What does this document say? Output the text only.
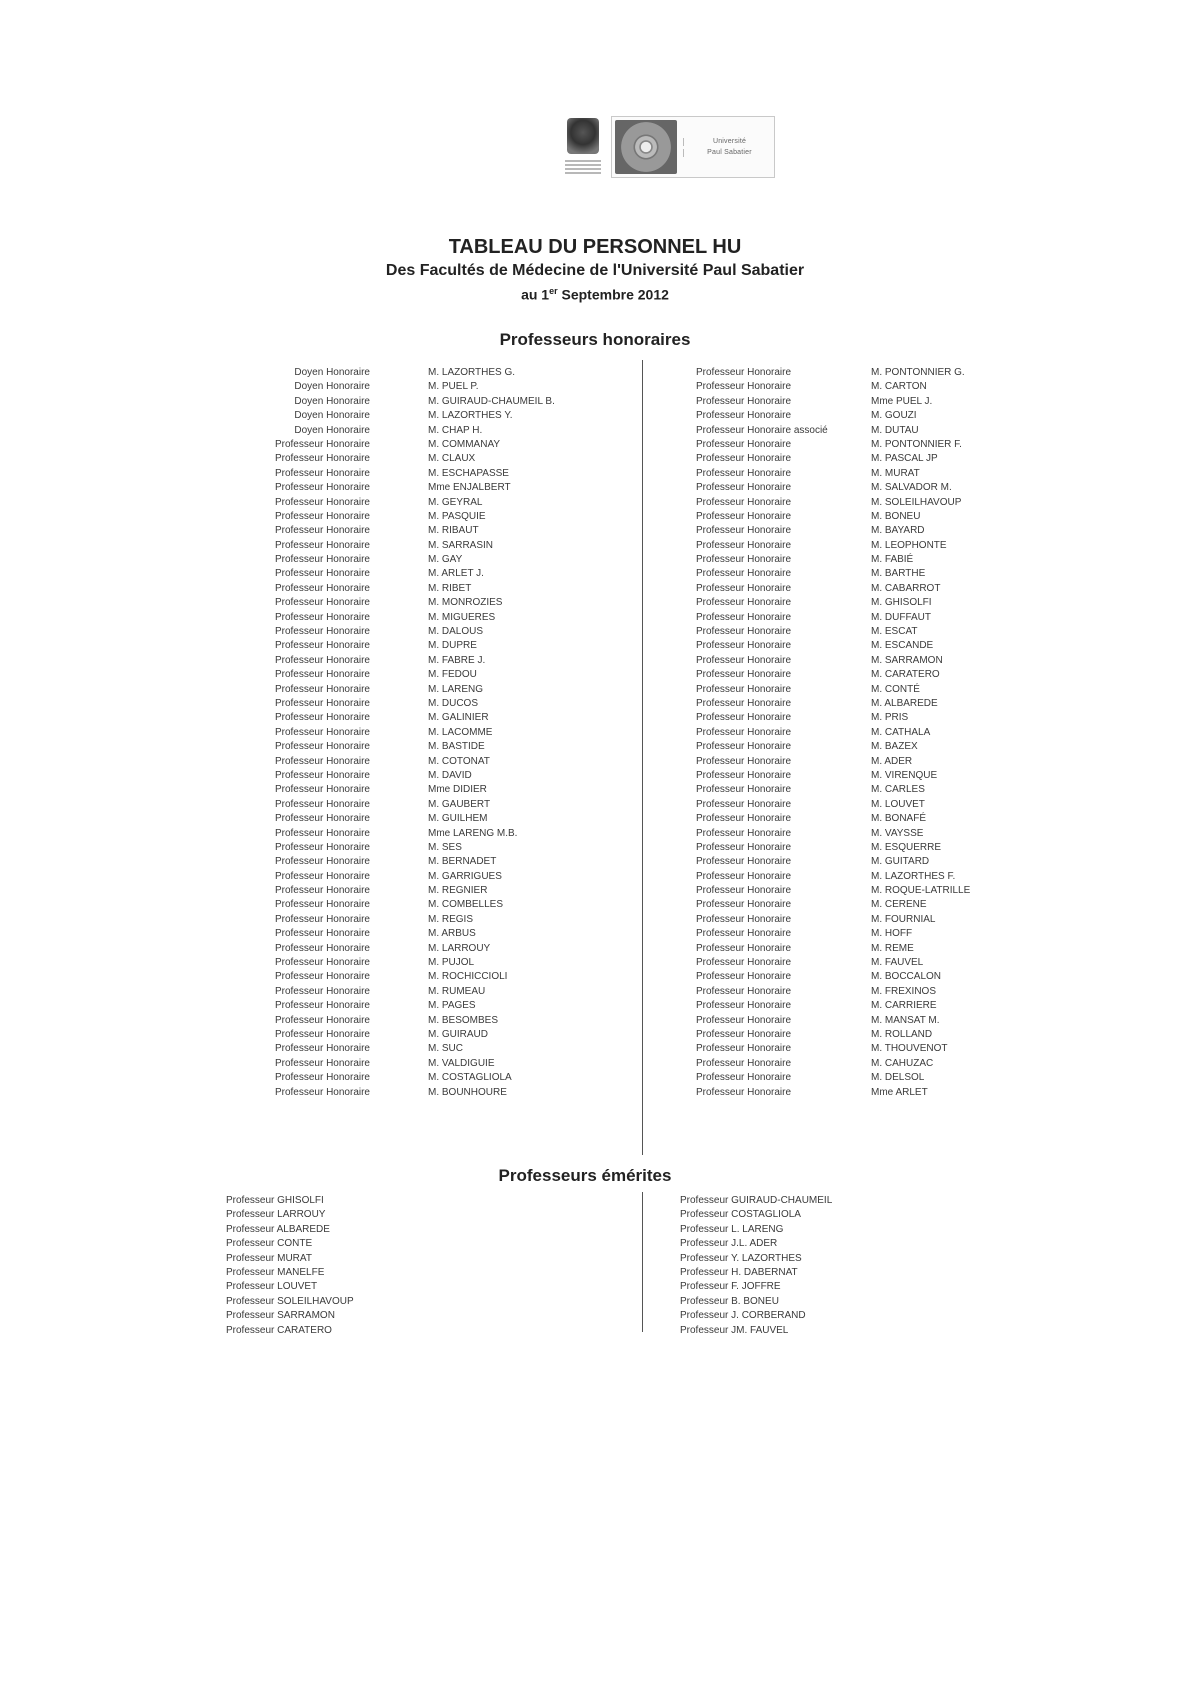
Université
Paul Sabatier
TABLEAU DU PERSONNEL HU
Des Facultés de Médecine de l'Université Paul Sabatier
au 1er Septembre 2012
Professeurs honoraires
Doyen Honoraire
Doyen Honoraire
Doyen Honoraire
Doyen Honoraire
Doyen Honoraire
Professeur Honoraire
Professeur Honoraire
Professeur Honoraire
Professeur Honoraire
Professeur Honoraire
Professeur Honoraire
Professeur Honoraire
Professeur Honoraire
Professeur Honoraire
Professeur Honoraire
Professeur Honoraire
Professeur Honoraire
Professeur Honoraire
Professeur Honoraire
Professeur Honoraire
Professeur Honoraire
Professeur Honoraire
Professeur Honoraire
Professeur Honoraire
Professeur Honoraire
Professeur Honoraire
Professeur Honoraire
Professeur Honoraire
Professeur Honoraire
Professeur Honoraire
Professeur Honoraire
Professeur Honoraire
Professeur Honoraire
Professeur Honoraire
Professeur Honoraire
Professeur Honoraire
Professeur Honoraire
Professeur Honoraire
Professeur Honoraire
Professeur Honoraire
Professeur Honoraire
Professeur Honoraire
Professeur Honoraire
Professeur Honoraire
Professeur Honoraire
Professeur Honoraire
Professeur Honoraire
Professeur Honoraire
Professeur Honoraire
Professeur Honoraire
Professeur Honoraire
M. LAZORTHES G.
M. PUEL P.
M. GUIRAUD-CHAUMEIL B.
M. LAZORTHES Y.
M. CHAP H.
M. COMMANAY
M. CLAUX
M. ESCHAPASSE
Mme ENJALBERT
M. GEYRAL
M. PASQUIE
M. RIBAUT
M. SARRASIN
M. GAY
M. ARLET J.
M. RIBET
M. MONROZIES
M. MIGUERES
M. DALOUS
M. DUPRE
M. FABRE J.
M. FEDOU
M. LARENG
M. DUCOS
M. GALINIER
M. LACOMME
M. BASTIDE
M. COTONAT
M. DAVID
Mme DIDIER
M. GAUBERT
M. GUILHEM
Mme LARENG M.B.
M. SES
M. BERNADET
M. GARRIGUES
M. REGNIER
M. COMBELLES
M. REGIS
M. ARBUS
M. LARROUY
M. PUJOL
M. ROCHICCIOLI
M. RUMEAU
M. PAGES
M. BESOMBES
M. GUIRAUD
M. SUC
M. VALDIGUIE
M. COSTAGLIOLA
M. BOUNHOURE
Professeur Honoraire
Professeur Honoraire
Professeur Honoraire
Professeur Honoraire
Professeur Honoraire associé
Professeur Honoraire
Professeur Honoraire
Professeur Honoraire
Professeur Honoraire
Professeur Honoraire
Professeur Honoraire
Professeur Honoraire
Professeur Honoraire
Professeur Honoraire
Professeur Honoraire
Professeur Honoraire
Professeur Honoraire
Professeur Honoraire
Professeur Honoraire
Professeur Honoraire
Professeur Honoraire
Professeur Honoraire
Professeur Honoraire
Professeur Honoraire
Professeur Honoraire
Professeur Honoraire
Professeur Honoraire
Professeur Honoraire
Professeur Honoraire
Professeur Honoraire
Professeur Honoraire
Professeur Honoraire
Professeur Honoraire
Professeur Honoraire
Professeur Honoraire
Professeur Honoraire
Professeur Honoraire
Professeur Honoraire
Professeur Honoraire
Professeur Honoraire
Professeur Honoraire
Professeur Honoraire
Professeur Honoraire
Professeur Honoraire
Professeur Honoraire
Professeur Honoraire
Professeur Honoraire
Professeur Honoraire
Professeur Honoraire
Professeur Honoraire
Professeur Honoraire
M. PONTONNIER G.
M. CARTON
Mme PUEL J.
M. GOUZI
M. DUTAU
M. PONTONNIER F.
M. PASCAL JP
M. MURAT
M. SALVADOR M.
M. SOLEILHAVOUP
M. BONEU
M. BAYARD
M. LEOPHONTE
M. FABIÉ
M. BARTHE
M. CABARROT
M. GHISOLFI
M. DUFFAUT
M. ESCAT
M. ESCANDE
M. SARRAMON
M. CARATERO
M. CONTÉ
M. ALBAREDE
M. PRIS
M. CATHALA
M. BAZEX
M. ADER
M. VIRENQUE
M. CARLES
M. LOUVET
M. BONAFÉ
M. VAYSSE
M. ESQUERRE
M. GUITARD
M. LAZORTHES F.
M. ROQUE-LATRILLE
M. CERENE
M. FOURNIAL
M. HOFF
M. REME
M. FAUVEL
M. BOCCALON
M. FREXINOS
M. CARRIERE
M. MANSAT M.
M. ROLLAND
M. THOUVENOT
M. CAHUZAC
M. DELSOL
Mme ARLET
Professeurs émérites
Professeur GHISOLFI
Professeur LARROUY
Professeur ALBAREDE
Professeur CONTE
Professeur MURAT
Professeur MANELFE
Professeur LOUVET
Professeur SOLEILHAVOUP
Professeur SARRAMON
Professeur CARATERO
Professeur GUIRAUD-CHAUMEIL
Professeur COSTAGLIOLA
Professeur L. LARENG
Professeur J.L. ADER
Professeur Y. LAZORTHES
Professeur H. DABERNAT
Professeur F. JOFFRE
Professeur B. BONEU
Professeur J. CORBERAND
Professeur JM. FAUVEL
